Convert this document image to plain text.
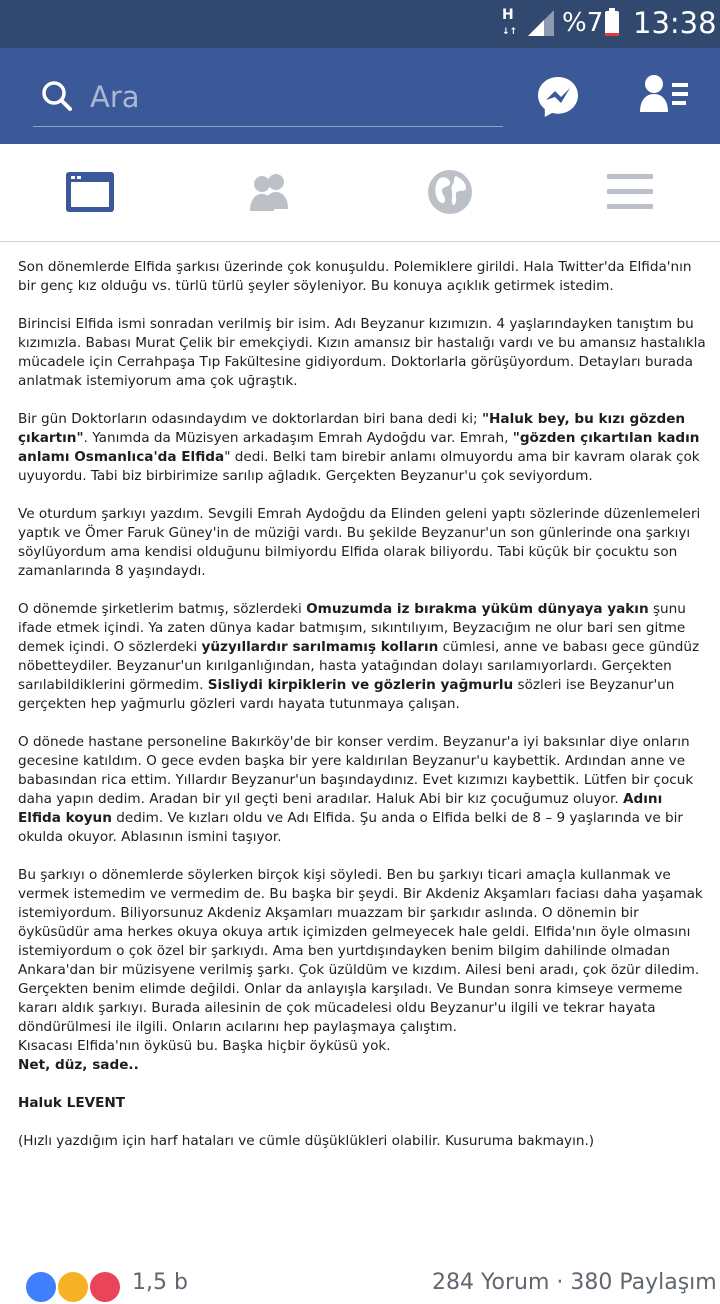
H
↓↑ %7 13:38
Ara

Son dönemlerde Elfida şarkısı üzerinde çok konuşuldu. Polemiklere girildi. Hala Twitter'da Elfida'nın bir genç kız olduğu vs. türlü türlü şeyler söyleniyor. Bu konuya açıklık getirmek istedim.

Birincisi Elfida ismi sonradan verilmiş bir isim. Adı Beyzanur kızımızın. 4 yaşlarındayken tanıştım bu kızımızla. Babası Murat Çelik bir emekçiydi. Kızın amansız bir hastalığı vardı ve bu amansız hastalıkla mücadele için Cerrahpaşa Tıp Fakültesine gidiyordum. Doktorlarla görüşüyordum. Detayları burada anlatmak istemiyorum ama çok uğraştık.

Bir gün Doktorların odasındaydım ve doktorlardan biri bana dedi ki; "Haluk bey, bu kızı gözden çıkartın". Yanımda da Müzisyen arkadaşım Emrah Aydoğdu var. Emrah, "gözden çıkartılan kadın anlamı Osmanlıca'da Elfida" dedi. Belki tam birebir anlamı olmuyordu ama bir kavram olarak çok uyuyordu. Tabi biz birbirimize sarılıp ağladık. Gerçekten Beyzanur'u çok seviyordum.

Ve oturdum şarkıyı yazdım. Sevgili Emrah Aydoğdu da Elinden geleni yaptı sözlerinde düzenlemeleri yaptık ve Ömer Faruk Güney'in de müziği vardı. Bu şekilde Beyzanur'un son günlerinde ona şarkıyı söylüyordum ama kendisi olduğunu bilmiyordu Elfida olarak biliyordu. Tabi küçük bir çocuktu son zamanlarında 8 yaşındaydı.

O dönemde şirketlerim batmış, sözlerdeki Omuzumda iz bırakma yüküm dünyaya yakın şunu ifade etmek içindi. Ya zaten dünya kadar batmışım, sıkıntılıyım, Beyzacığım ne olur bari sen gitme demek içindi. O sözlerdeki yüzyıllardır sarılmamış kolların cümlesi, anne ve babası gece gündüz nöbetteydiler. Beyzanur'un kırılganlığından, hasta yatağından dolayı sarılamıyorlardı. Gerçekten sarılabildiklerini görmedim. Sisliydi kirpiklerin ve gözlerin yağmurlu sözleri ise Beyzanur'un gerçekten hep yağmurlu gözleri vardı hayata tutunmaya çalışan.

O dönede hastane personeline Bakırköy'de bir konser verdim. Beyzanur'a iyi baksınlar diye onların gecesine katıldım. O gece evden başka bir yere kaldırılan Beyzanur'u kaybettik. Ardından anne ve babasından rica ettim. Yıllardır Beyzanur'un başındaydınız. Evet kızımızı kaybettik. Lütfen bir çocuk daha yapın dedim. Aradan bir yıl geçti beni aradılar. Haluk Abi bir kız çocuğumuz oluyor. Adını Elfida koyun dedim. Ve kızları oldu ve Adı Elfida. Şu anda o Elfida belki de 8 – 9 yaşlarında ve bir okulda okuyor. Ablasının ismini taşıyor.

Bu şarkıyı o dönemlerde söylerken birçok kişi söyledi. Ben bu şarkıyı ticari amaçla kullanmak ve vermek istemedim ve vermedim de. Bu başka bir şeydi. Bir Akdeniz Akşamları faciası daha yaşamak istemiyordum. Biliyorsunuz Akdeniz Akşamları muazzam bir şarkıdır aslında. O dönemin bir öyküsüdür ama herkes okuya okuya artık içimizden gelmeyecek hale geldi. Elfida'nın öyle olmasını istemiyordum o çok özel bir şarkıydı. Ama ben yurtdışındayken benim bilgim dahilinde olmadan Ankara'dan bir müzisyene verilmiş şarkı. Çok üzüldüm ve kızdım. Ailesi beni aradı, çok özür diledim. Gerçekten benim elimde değildi. Onlar da anlayışla karşıladı. Ve Bundan sonra kimseye vermeme kararı aldık şarkıyı. Burada ailesinin de çok mücadelesi oldu Beyzanur'u ilgili ve tekrar hayata döndürülmesi ile ilgili. Onların acılarını hep paylaşmaya çalıştım.
Kısacası Elfida'nın öyküsü bu. Başka hiçbir öyküsü yok.
Net, düz, sade..

Haluk LEVENT

(Hızlı yazdığım için harf hataları ve cümle düşüklükleri olabilir. Kusuruma bakmayın.)

1,5 b	284 Yorum · 380 Paylaşım
